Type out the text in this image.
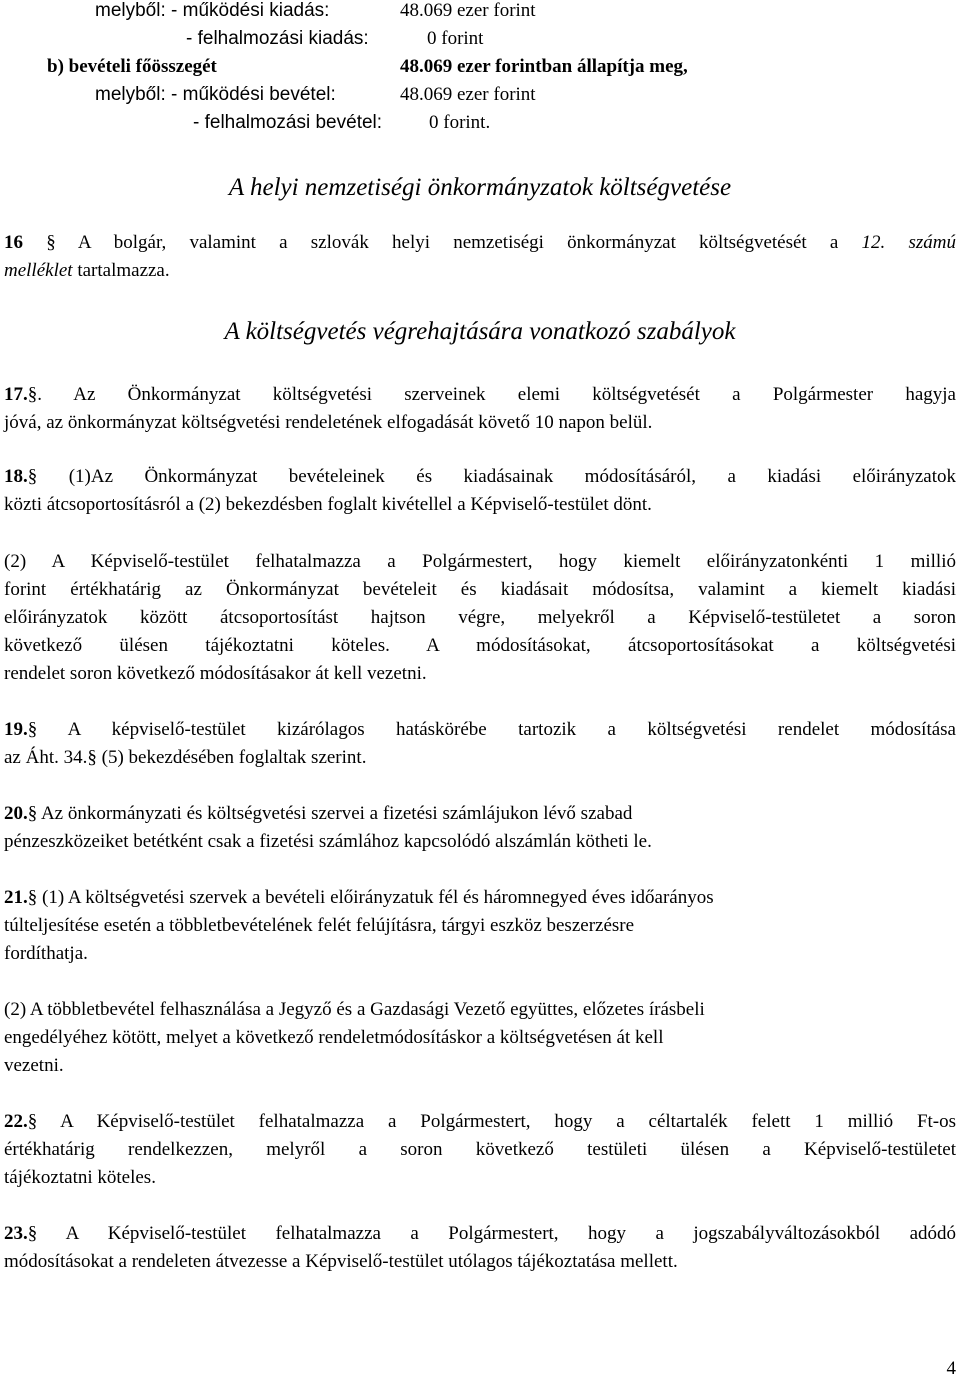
melyből: - működési kiadás:	48.069 ezer forint
- felhalmozási kiadás:	0 forint
b) bevételi főösszegét	48.069 ezer forintban állapítja meg,
melyből: - működési bevétel:	48.069 ezer forint
- felhalmozási bevétel: 0 forint.
A helyi nemzetiségi önkormányzatok költségvetése
16 § A bolgár, valamint a szlovák helyi nemzetiségi önkormányzat költségvetését a 12. számú
melléklet tartalmazza.
A költségvetés végrehajtására vonatkozó szabályok
17.§. Az Önkormányzat költségvetési szerveinek elemi költségvetését a Polgármester hagyja
jóvá, az önkormányzat költségvetési rendeletének elfogadását követő 10 napon belül.
18.§ (1)Az Önkormányzat bevételeinek és kiadásainak módosításáról, a kiadási előirányzatok
közti átcsoportosításról a (2) bekezdésben foglalt kivétellel a Képviselő-testület dönt.
(2) A Képviselő-testület felhatalmazza a Polgármestert, hogy kiemelt előirányzatonkénti 1 millió
forint értékhatárig az Önkormányzat bevételeit és kiadásait módosítsa, valamint a kiemelt kiadási
előirányzatok között átcsoportosítást hajtson végre, melyekről a Képviselő-testületet a soron
következő ülésen tájékoztatni köteles. A módosításokat, átcsoportosításokat a költségvetési
rendelet soron következő módosításakor át kell vezetni.
19.§ A képviselő-testület kizárólagos hatáskörébe tartozik a költségvetési rendelet módosítása
az Áht. 34.§ (5) bekezdésében foglaltak szerint.
20.§ Az önkormányzati és költségvetési szervei a fizetési számlájukon lévő szabad
pénzeszközeiket betétként csak a fizetési számlához kapcsolódó alszámlán kötheti le.
21.§ (1) A költségvetési szervek a bevételi előirányzatuk fél és háromnegyed éves időarányos
túlteljesítése esetén a többletbevételének felét felújításra, tárgyi eszköz beszerzésre
fordíthatja.
(2) A többletbevétel felhasználása a Jegyző és a Gazdasági Vezető együttes, előzetes írásbeli
engedélyéhez kötött, melyet a következő rendeletmódosításkor a költségvetésen át kell
vezetni.
22.§ A Képviselő-testület felhatalmazza a Polgármestert, hogy a céltartalék felett 1 millió Ft-os
értékhatárig rendelkezzen, melyről a soron következő testületi ülésen a Képviselő-testületet
tájékoztatni köteles.
23.§ A Képviselő-testület felhatalmazza a Polgármestert, hogy a jogszabályváltozásokból adódó
módosításokat a rendeleten átvezesse a Képviselő-testület utólagos tájékoztatása mellett.
4
